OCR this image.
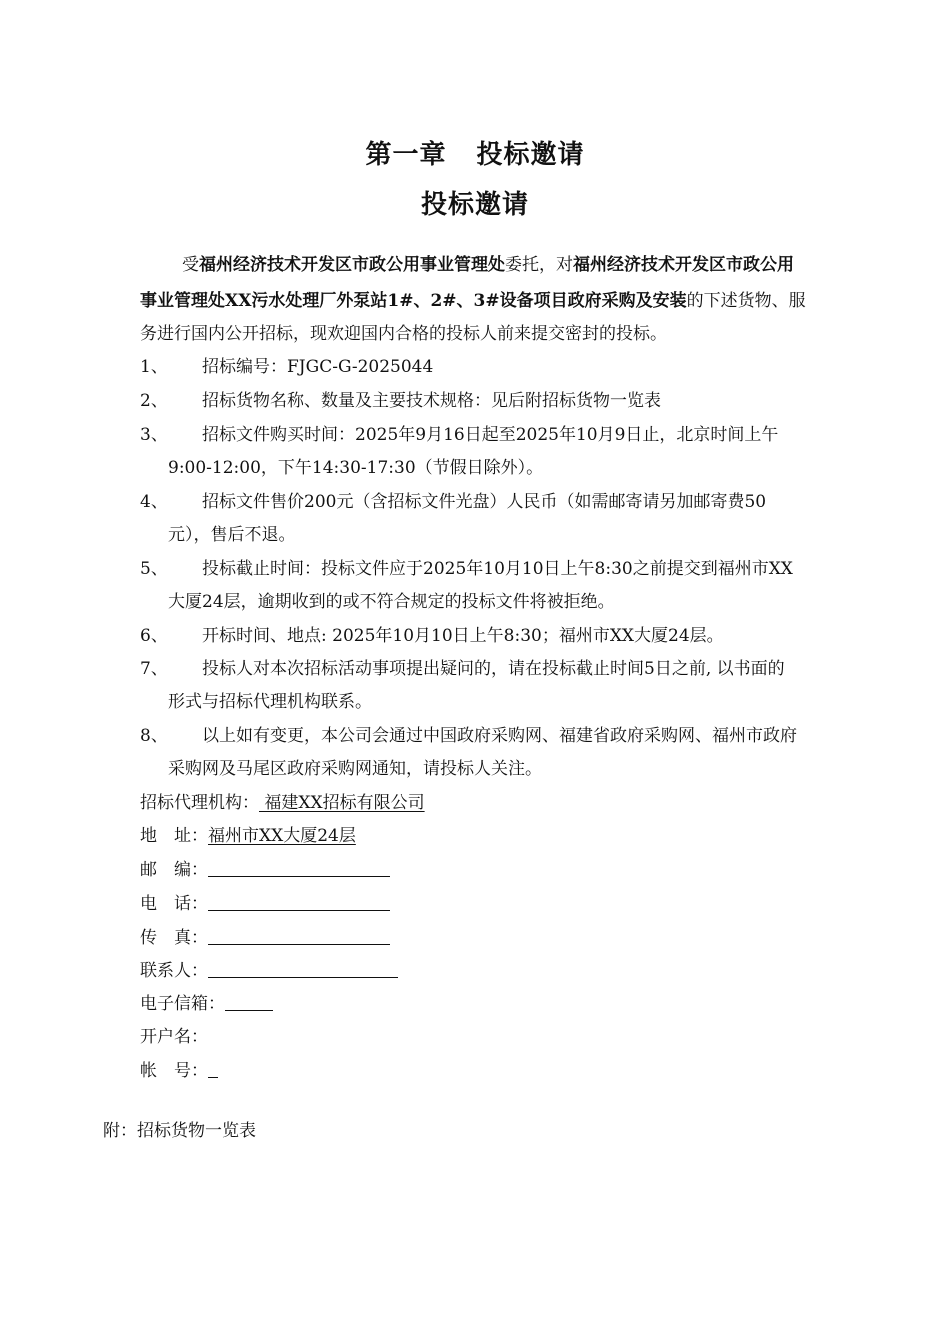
第一章 投标邀请
投标邀请
受福州经济技术开发区市政公用事业管理处委托，对福州经济技术开发区市政公用
事业管理处XX污水处理厂外泵站1#、2#、3#设备项目政府采购及安装的下述货物、服
务进行国内公开招标，现欢迎国内合格的投标人前来提交密封的投标。
1、 招标编号：FJGC-G-2025044
2、 招标货物名称、数量及主要技术规格：见后附招标货物一览表
3、 招标文件购买时间：2025年9月16日起至2025年10月9日止，北京时间上午
9:00-12:00，下午14:30-17:30（节假日除外）。
4、 招标文件售价200元（含招标文件光盘）人民币（如需邮寄请另加邮寄费50
元），售后不退。
5、 投标截止时间：投标文件应于2025年10月10日上午8:30之前提交到福州市XX
大厦24层，逾期收到的或不符合规定的投标文件将被拒绝。
6、 开标时间、地点: 2025年10月10日上午8:30；福州市XX大厦24层。
7、 投标人对本次招标活动事项提出疑问的，请在投标截止时间5日之前, 以书面的
形式与招标代理机构联系。
8、 以上如有变更，本公司会通过中国政府采购网、福建省政府采购网、福州市政府
采购网及马尾区政府采购网通知，请投标人关注。
招标代理机构： 福建XX招标有限公司
地　址：福州市XX大厦24层
邮　编：
电　话：
传　真：
联系人：
电子信箱：
开户名：
帐　号：
附：招标货物一览表
